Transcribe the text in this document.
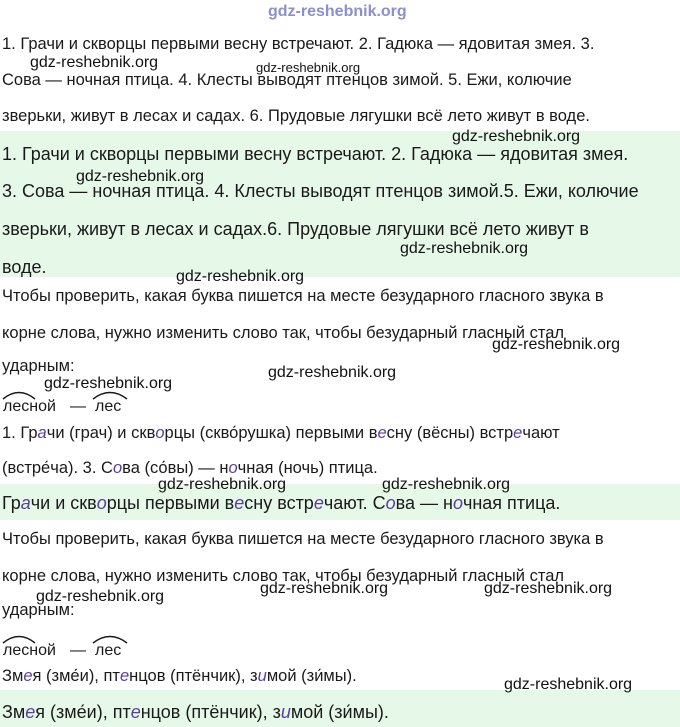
gdz-reshebnik.org
1. Грачи и скворцы первыми весну встречают. 2. Гадюка — ядовитая змея. 3.
Сова — ночная птица. 4. Клесты выводят птенцов зимой. 5. Ежи, колючие
зверьки, живут в лесах и садах. 6. Прудовые лягушки всё лето живут в воде.
1. Грачи и скворцы первыми весну встречают. 2. Гадюка — ядовитая змея.
3. Сова — ночная птица. 4. Клесты выводят птенцов зимой.5. Ежи, колючие
зверьки, живут в лесах и садах.6. Прудовые лягушки всё лето живут в
воде.
Чтобы проверить, какая буква пишется на месте безударного гласного звука в
корне слова, нужно изменить слово так, чтобы безударный гласный стал
ударным:
лесной — лес
1. Грачи (грач) и скворцы (скво́рушка) первыми весну (вёсны) встречают
(встре́ча). 3. Сова (со́вы) — ночная (ночь) птица.
Грачи и скворцы первыми весну встречают. Сова — ночная птица.
Чтобы проверить, какая буква пишется на месте безударного гласного звука в
корне слова, нужно изменить слово так, чтобы безударный гласный стал
ударным:
лесной — лес
Змея (зме́и), птенцов (птёнчик), зимой (зи́мы).
Змея (зме́и), птенцов (птёнчик), зимой (зи́мы).
gdz-reshebnik.org	gdz-reshebnik.org
gdz-reshebnik.org
gdz-reshebnik.org
gdz-reshebnik.org
gdz-reshebnik.org
gdz-reshebnik.org
gdz-reshebnik.org
gdz-reshebnik.org
gdz-reshebnik.org	gdz-reshebnik.org
gdz-reshebnik.org	gdz-reshebnik.org
gdz-reshebnik.org
gdz-reshebnik.org
